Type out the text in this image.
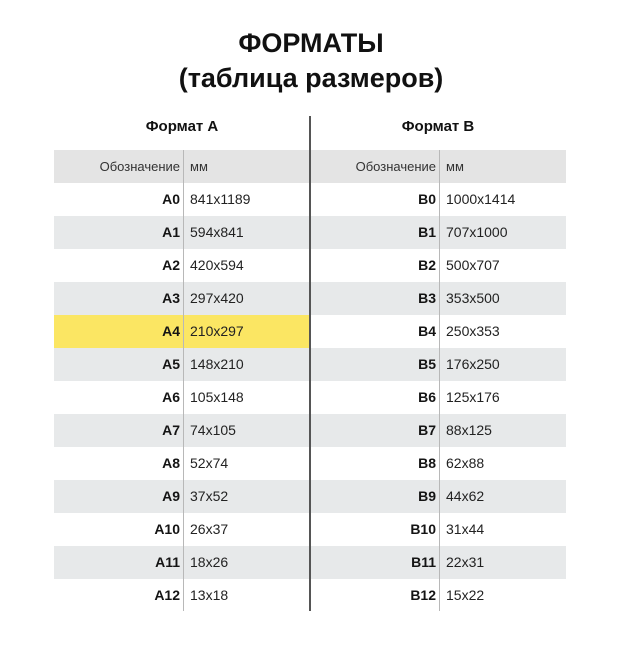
ФОРМАТЫ
(таблица размеров)
Формат А	Формат В
Обозначение мм
A0 841x1189
A1 594x841
A2 420x594
A3 297x420
A4 210x297
A5 148x210
A6 105x148
A7 74x105
A8 52x74
A9 37x52
A10 26x37
A11 18x26
A12 13x18
Обозначение мм
B0 1000x1414
B1 707x1000
B2 500x707
B3 353x500
B4 250x353
B5 176x250
B6 125x176
B7 88x125
B8 62x88
B9 44x62
B10 31x44
B11 22x31
B12 15x22
